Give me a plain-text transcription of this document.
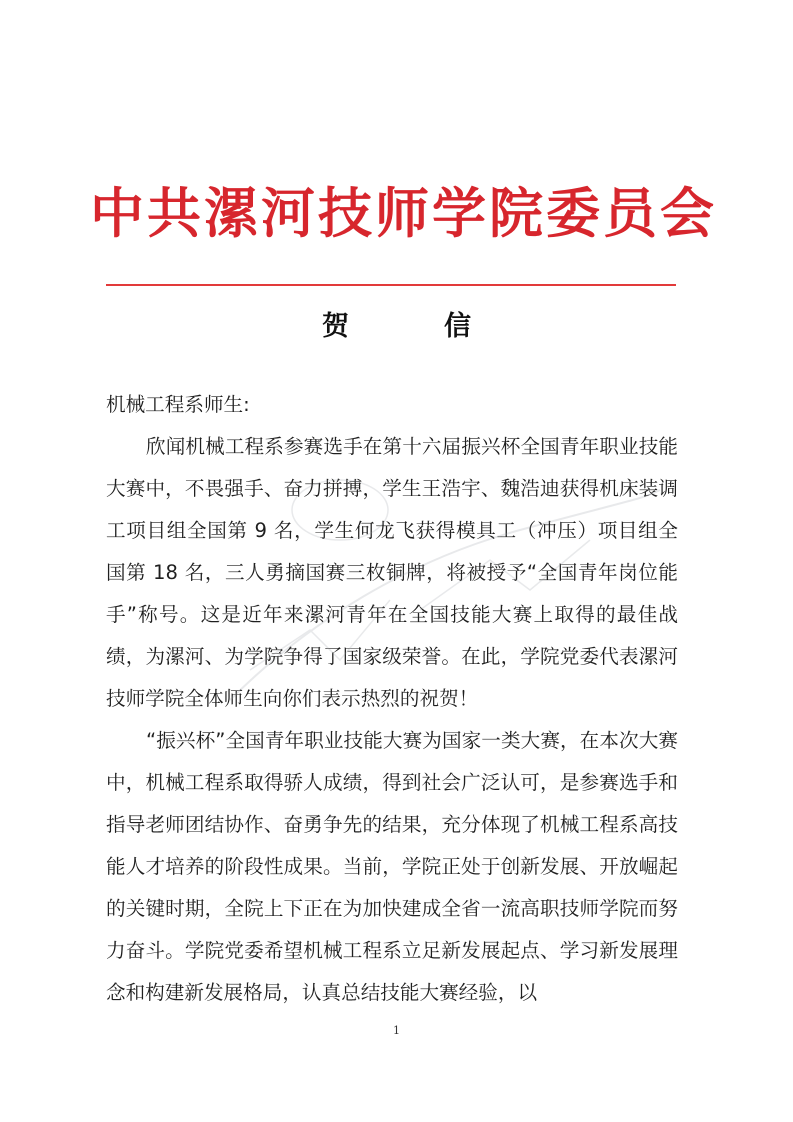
中共漯河技师学院委员会
贺　信

机械工程系师生:

欣闻机械工程系参赛选手在第十六届振兴杯全国青年职业技能大赛中，不畏强手、奋力拼搏，学生王浩宇、魏浩迪获得机床装调工项目组全国第 9 名，学生何龙飞获得模具工（冲压）项目组全国第 18 名，三人勇摘国赛三枚铜牌，将被授予“全国青年岗位能手”称号。这是近年来漯河青年在全国技能大赛上取得的最佳战绩，为漯河、为学院争得了国家级荣誉。在此，学院党委代表漯河技师学院全体师生向你们表示热烈的祝贺！

“振兴杯”全国青年职业技能大赛为国家一类大赛，在本次大赛中，机械工程系取得骄人成绩，得到社会广泛认可，是参赛选手和指导老师团结协作、奋勇争先的结果，充分体现了机械工程系高技能人才培养的阶段性成果。当前，学院正处于创新发展、开放崛起的关键时期，全院上下正在为加快建成全省一流高职技师学院而努力奋斗。学院党委希望机械工程系立足新发展起点、学习新发展理念和构建新发展格局，认真总结技能大赛经验，以

1
